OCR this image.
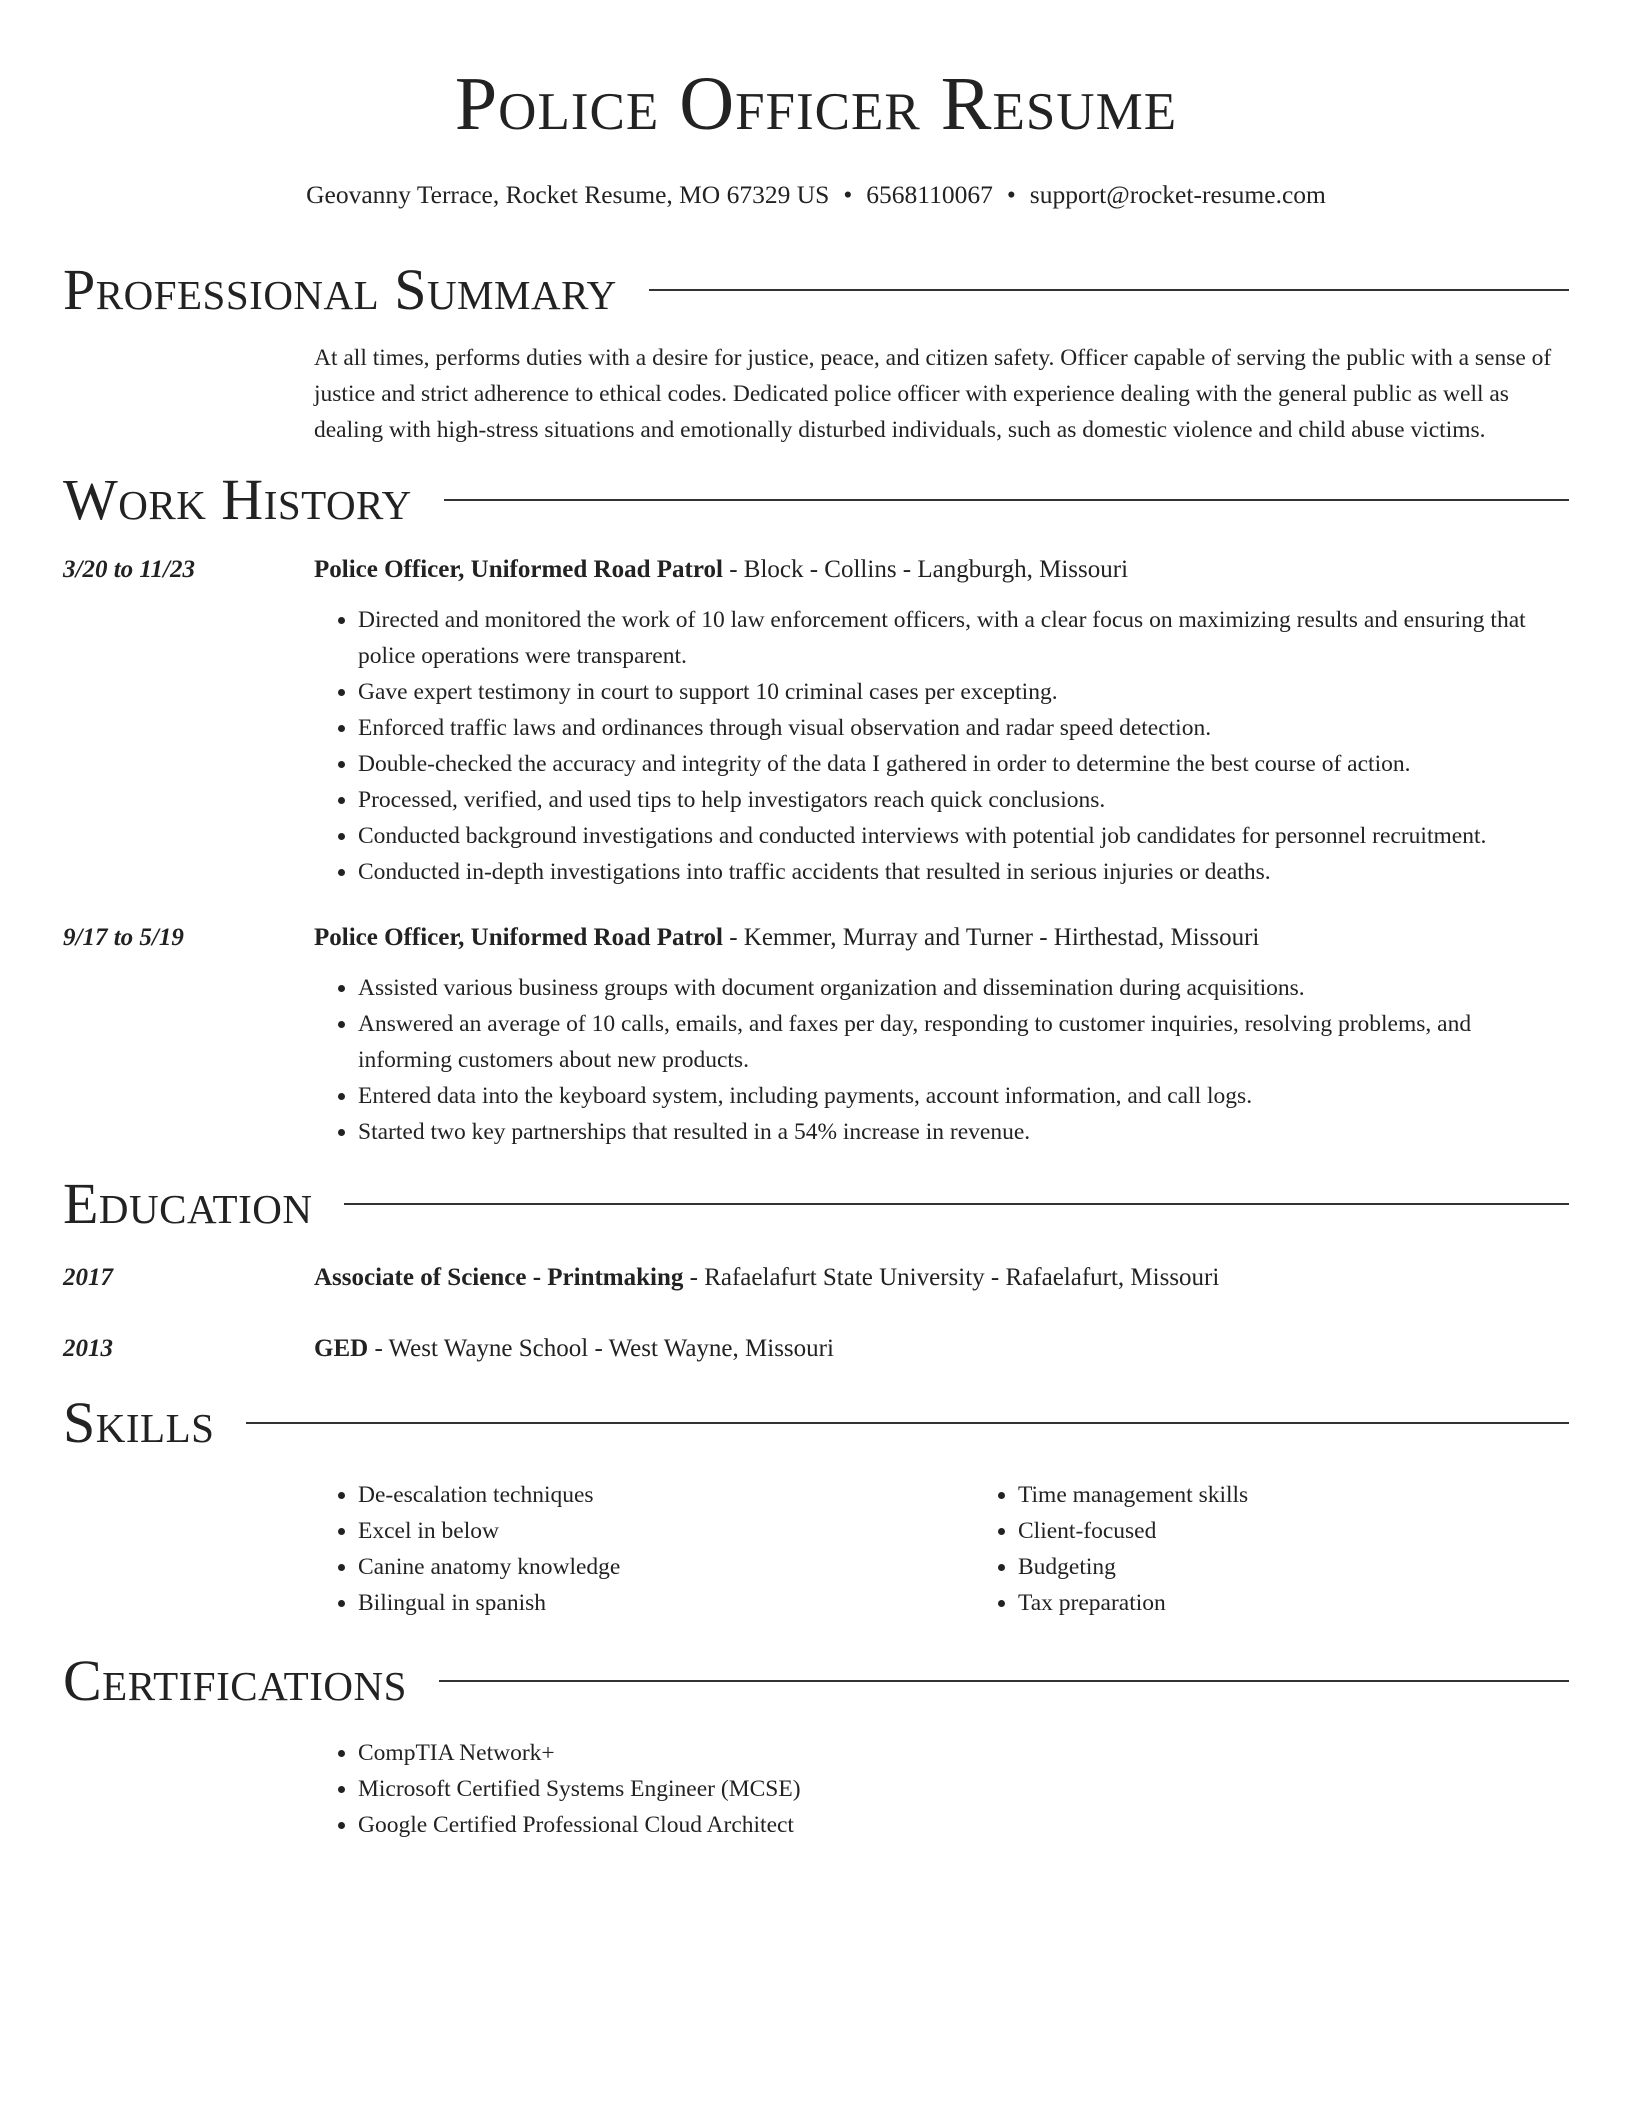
Police Officer Resume
Geovanny Terrace, Rocket Resume, MO 67329 US • 6568110067 • support@rocket-resume.com
Professional Summary
At all times, performs duties with a desire for justice, peace, and citizen safety. Officer capable of serving the public with a sense of justice and strict adherence to ethical codes. Dedicated police officer with experience dealing with the general public as well as dealing with high-stress situations and emotionally disturbed individuals, such as domestic violence and child abuse victims.
Work History
3/20 to 11/23	Police Officer, Uniformed Road Patrol - Block - Collins - Langburgh, Missouri
• Directed and monitored the work of 10 law enforcement officers, with a clear focus on maximizing results and ensuring that police operations were transparent.
• Gave expert testimony in court to support 10 criminal cases per excepting.
• Enforced traffic laws and ordinances through visual observation and radar speed detection.
• Double-checked the accuracy and integrity of the data I gathered in order to determine the best course of action.
• Processed, verified, and used tips to help investigators reach quick conclusions.
• Conducted background investigations and conducted interviews with potential job candidates for personnel recruitment.
• Conducted in-depth investigations into traffic accidents that resulted in serious injuries or deaths.
9/17 to 5/19	Police Officer, Uniformed Road Patrol - Kemmer, Murray and Turner - Hirthestad, Missouri
• Assisted various business groups with document organization and dissemination during acquisitions.
• Answered an average of 10 calls, emails, and faxes per day, responding to customer inquiries, resolving problems, and informing customers about new products.
• Entered data into the keyboard system, including payments, account information, and call logs.
• Started two key partnerships that resulted in a 54% increase in revenue.
Education
2017	Associate of Science - Printmaking - Rafaelafurt State University - Rafaelafurt, Missouri
2013	GED - West Wayne School - West Wayne, Missouri
Skills
• De-escalation techniques
• Excel in below
• Canine anatomy knowledge
• Bilingual in spanish
• Time management skills
• Client-focused
• Budgeting
• Tax preparation
Certifications
• CompTIA Network+
• Microsoft Certified Systems Engineer (MCSE)
• Google Certified Professional Cloud Architect
